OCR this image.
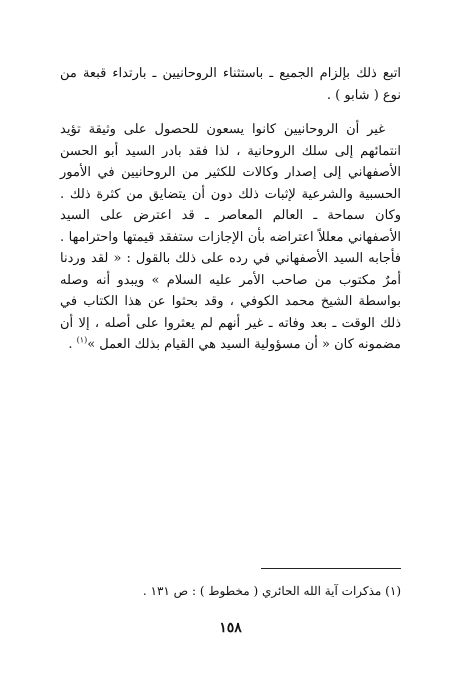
اتبع ذلك بإلزام الجميع ـ باستثناء الروحانيين ـ بارتداء قبعة من نوع ( شابو ) .

غير أن الروحانيين كانوا يسعون للحصول على وثيقة تؤيد انتمائهم إلى سلك الروحانية ، لذا فقد بادر السيد أبو الحسن الأصفهاني إلى إصدار وكالات للكثير من الروحانيين في الأمور الحسبية والشرعية لإثبات ذلك دون أن يتضايق من كثرة ذلك . وكان سماحة ـ العالم المعاصر ـ قد اعترض على السيد الأصفهاني معللاً اعتراضه بأن الإجازات ستفقد قيمتها واحترامها . فأجابه السيد الأصفهاني في رده على ذلك بالقول : « لقد وردنا أمرٌ مكتوب من صاحب الأمر عليه السلام » ويبدو أنه وصله بواسطة الشيخ محمد الكوفي ، وقد بحثوا عن هذا الكتاب في ذلك الوقت ـ بعد وفاته ـ غير أنهم لم يعثروا على أصله ، إلا أن مضمونه كان « أن مسؤولية السيد هي القيام بذلك العمل »$^{(١)}$ .

(١) مذكرات آية الله الحائري ( مخطوط ) : ص ١٣١ .

١٥٨
